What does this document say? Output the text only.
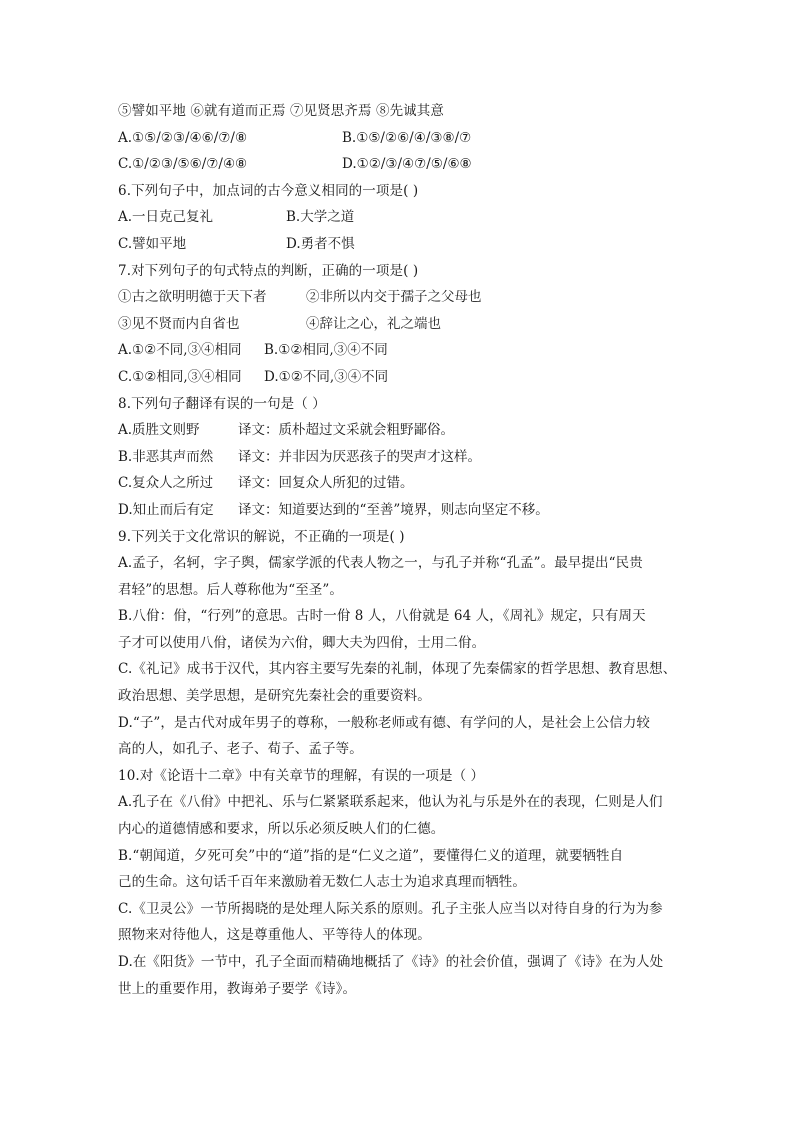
⑤譬如平地 ⑥就有道而正焉 ⑦见贤思齐焉 ⑧先诚其意
A.①⑤/②③/④⑥/⑦/⑧	B.①⑤/②⑥/④/③⑧/⑦
C.①/②③/⑤⑥/⑦/④⑧	D.①②/③/④⑦/⑤/⑥⑧
6.下列句子中，加点词的古今意义相同的一项是( )
A.一日克己复礼	B.大学之道
C.譬如平地	D.勇者不惧
7.对下列句子的句式特点的判断，正确的一项是( )
①古之欲明明德于天下者	②非所以内交于孺子之父母也
③见不贤而内自省也	④辞让之心，礼之端也
A.①②不同,③④相同	B.①②相同,③④不同
C.①②相同,③④相同	D.①②不同,③④不同
8.下列句子翻译有误的一句是（ ）
A.质胜文则野	译文：质朴超过文采就会粗野鄙俗。
B.非恶其声而然	译文：并非因为厌恶孩子的哭声才这样。
C.复众人之所过	译文：回复众人所犯的过错。
D.知止而后有定	译文：知道要达到的“至善”境界，则志向坚定不移。
9.下列关于文化常识的解说，不正确的一项是( )
A.孟子，名轲，字子舆，儒家学派的代表人物之一，与孔子并称“孔孟”。最早提出“民贵
君轻”的思想。后人尊称他为“至圣”。
B.八佾：佾，“行列”的意思。古时一佾 8 人，八佾就是 64 人，《周礼》规定，只有周天
子才可以使用八佾，诸侯为六佾，卿大夫为四佾，士用二佾。
C.《礼记》成书于汉代，其内容主要写先秦的礼制，体现了先秦儒家的哲学思想、教育思想、
政治思想、美学思想，是研究先秦社会的重要资料。
D.“子”，是古代对成年男子的尊称，一般称老师或有德、有学问的人，是社会上公信力较
高的人，如孔子、老子、荀子、孟子等。
10.对《论语十二章》中有关章节的理解，有误的一项是（ ）
A.孔子在《八佾》中把礼、乐与仁紧紧联系起来，他认为礼与乐是外在的表现，仁则是人们
内心的道德情感和要求，所以乐必须反映人们的仁德。
B.“朝闻道，夕死可矣”中的“道”指的是“仁义之道”，要懂得仁义的道理，就要牺牲自
己的生命。这句话千百年来激励着无数仁人志士为追求真理而牺牲。
C.《卫灵公》一节所揭晓的是处理人际关系的原则。孔子主张人应当以对待自身的行为为参
照物来对待他人，这是尊重他人、平等待人的体现。
D.在《阳货》一节中，孔子全面而精确地概括了《诗》的社会价值，强调了《诗》在为人处
世上的重要作用，教诲弟子要学《诗》。
